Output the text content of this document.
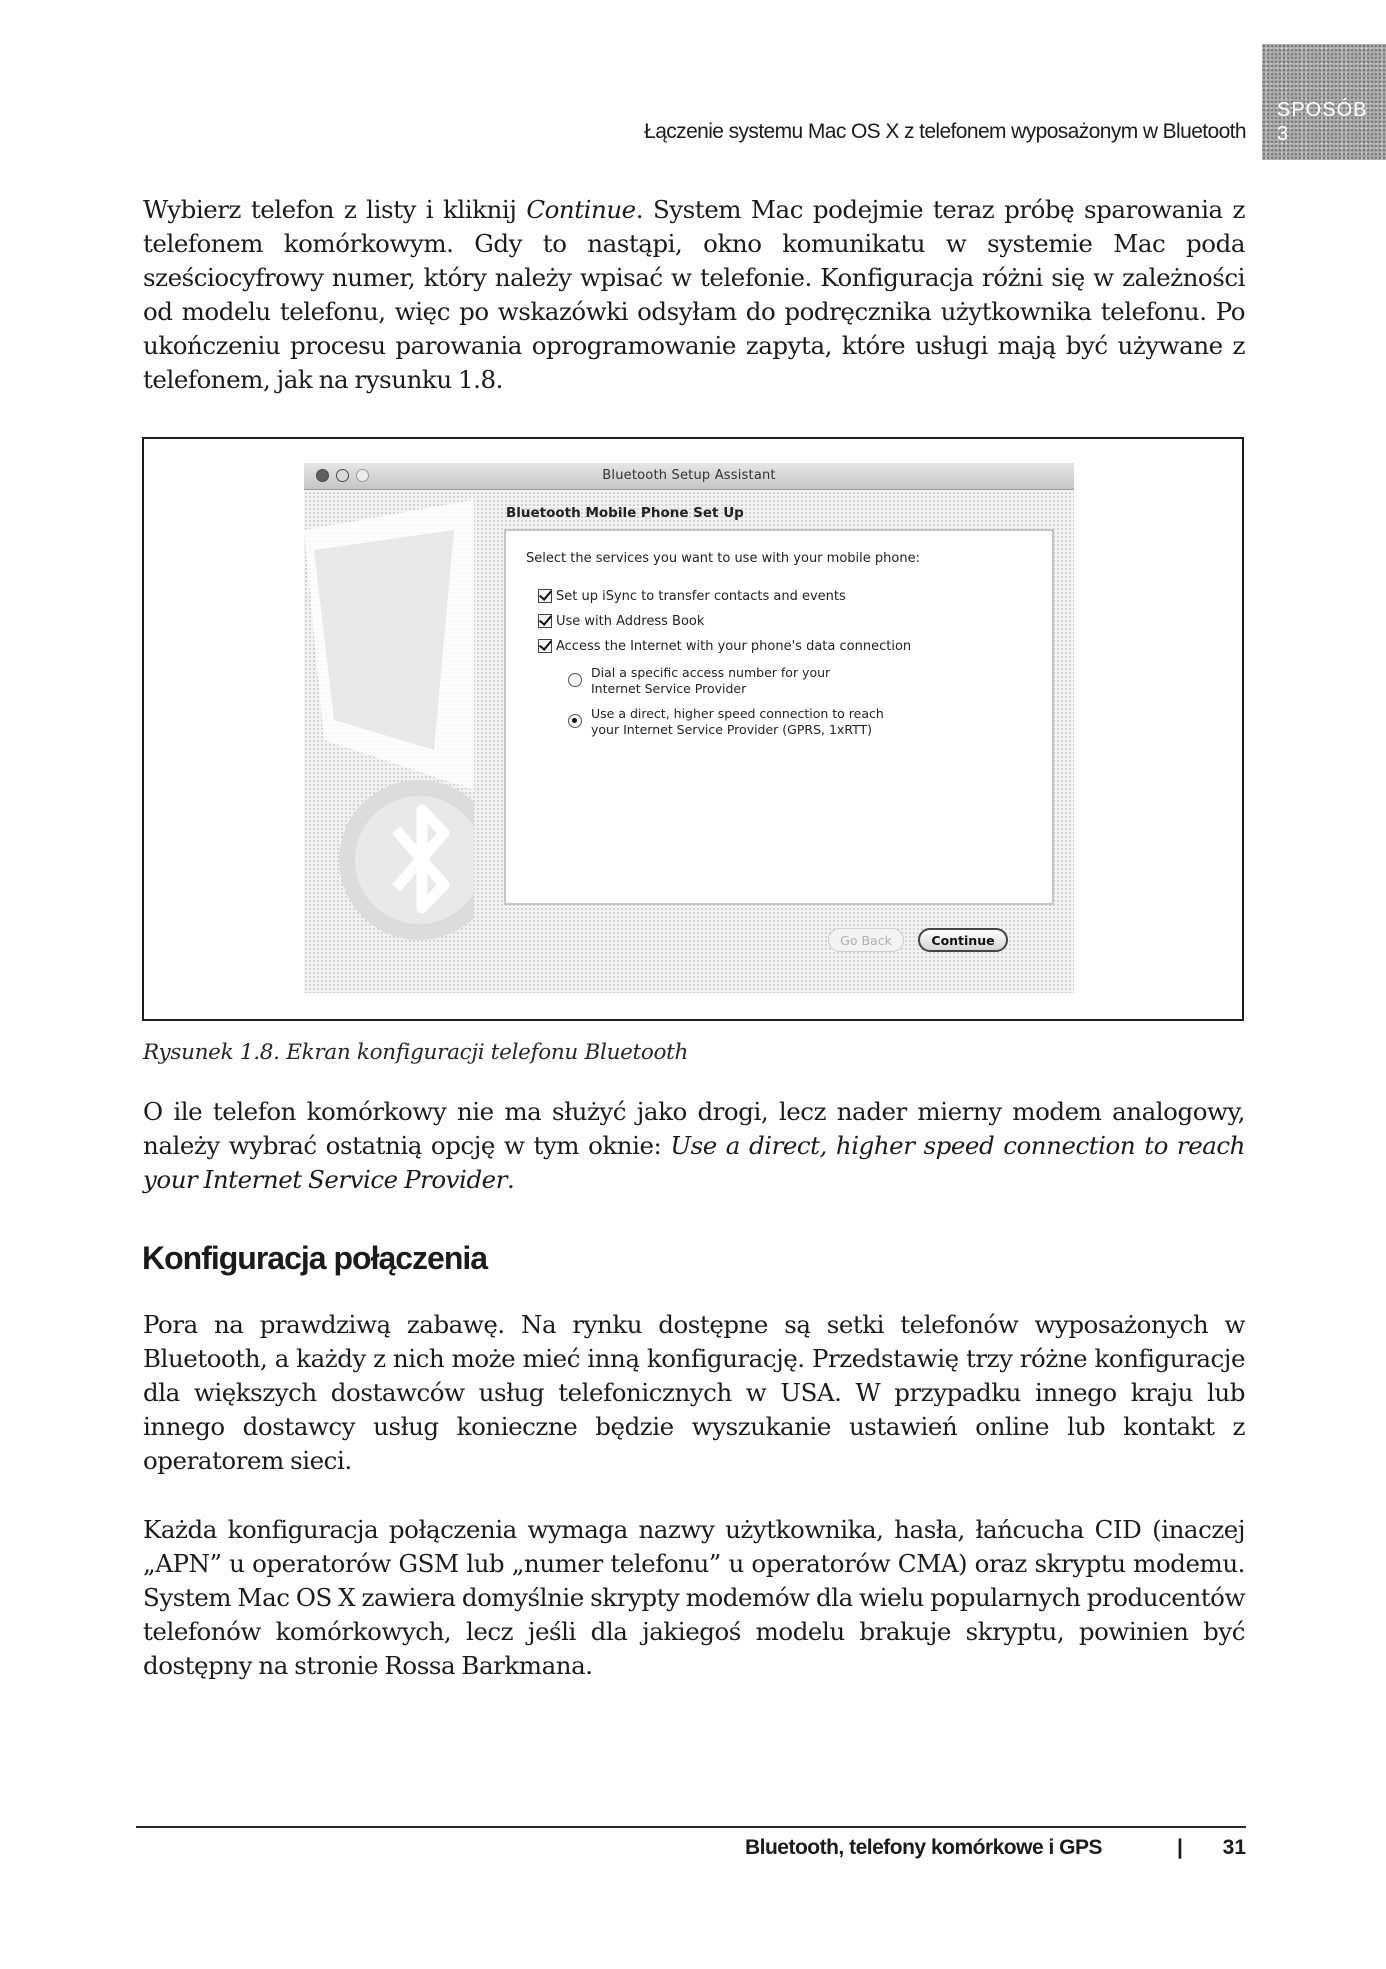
Łączenie systemu Mac OS X z telefonem wyposażonym w Bluetooth
SPOSÓB
3

Wybierz telefon z listy i kliknij Continue. System Mac podejmie teraz próbę sparowania z telefonem komórkowym. Gdy to nastąpi, okno komunikatu w systemie Mac poda sześciocyfrowy numer, który należy wpisać w telefonie. Konfiguracja różni się w zależności od modelu telefonu, więc po wskazówki odsyłam do podręcznika użytkownika telefonu. Po ukończeniu procesu parowania oprogramowanie zapyta, które usługi mają być używane z telefonem, jak na rysunku 1.8.

Bluetooth Setup Assistant
Bluetooth Mobile Phone Set Up
Select the services you want to use with your mobile phone:
Set up iSync to transfer contacts and events
Use with Address Book
Access the Internet with your phone's data connection
Dial a specific access number for your
Internet Service Provider
Use a direct, higher speed connection to reach
your Internet Service Provider (GPRS, 1xRTT)
Go Back	Continue

Rysunek 1.8. Ekran konfiguracji telefonu Bluetooth

O ile telefon komórkowy nie ma służyć jako drogi, lecz nader mierny modem analogowy, należy wybrać ostatnią opcję w tym oknie: Use a direct, higher speed connection to reach your Internet Service Provider.

Konfiguracja połączenia

Pora na prawdziwą zabawę. Na rynku dostępne są setki telefonów wyposażonych w Bluetooth, a każdy z nich może mieć inną konfigurację. Przedstawię trzy różne konfiguracje dla większych dostawców usług telefonicznych w USA. W przypadku innego kraju lub innego dostawcy usług konieczne będzie wyszukanie ustawień online lub kontakt z operatorem sieci.

Każda konfiguracja połączenia wymaga nazwy użytkownika, hasła, łańcucha CID (inaczej „APN” u operatorów GSM lub „numer telefonu” u operatorów CMA) oraz skryptu modemu. System Mac OS X zawiera domyślnie skrypty modemów dla wielu popularnych producentów telefonów komórkowych, lecz jeśli dla jakiegoś modelu brakuje skryptu, powinien być dostępny na stronie Rossa Barkmana.

Bluetooth, telefony komórkowe i GPS	| 31
